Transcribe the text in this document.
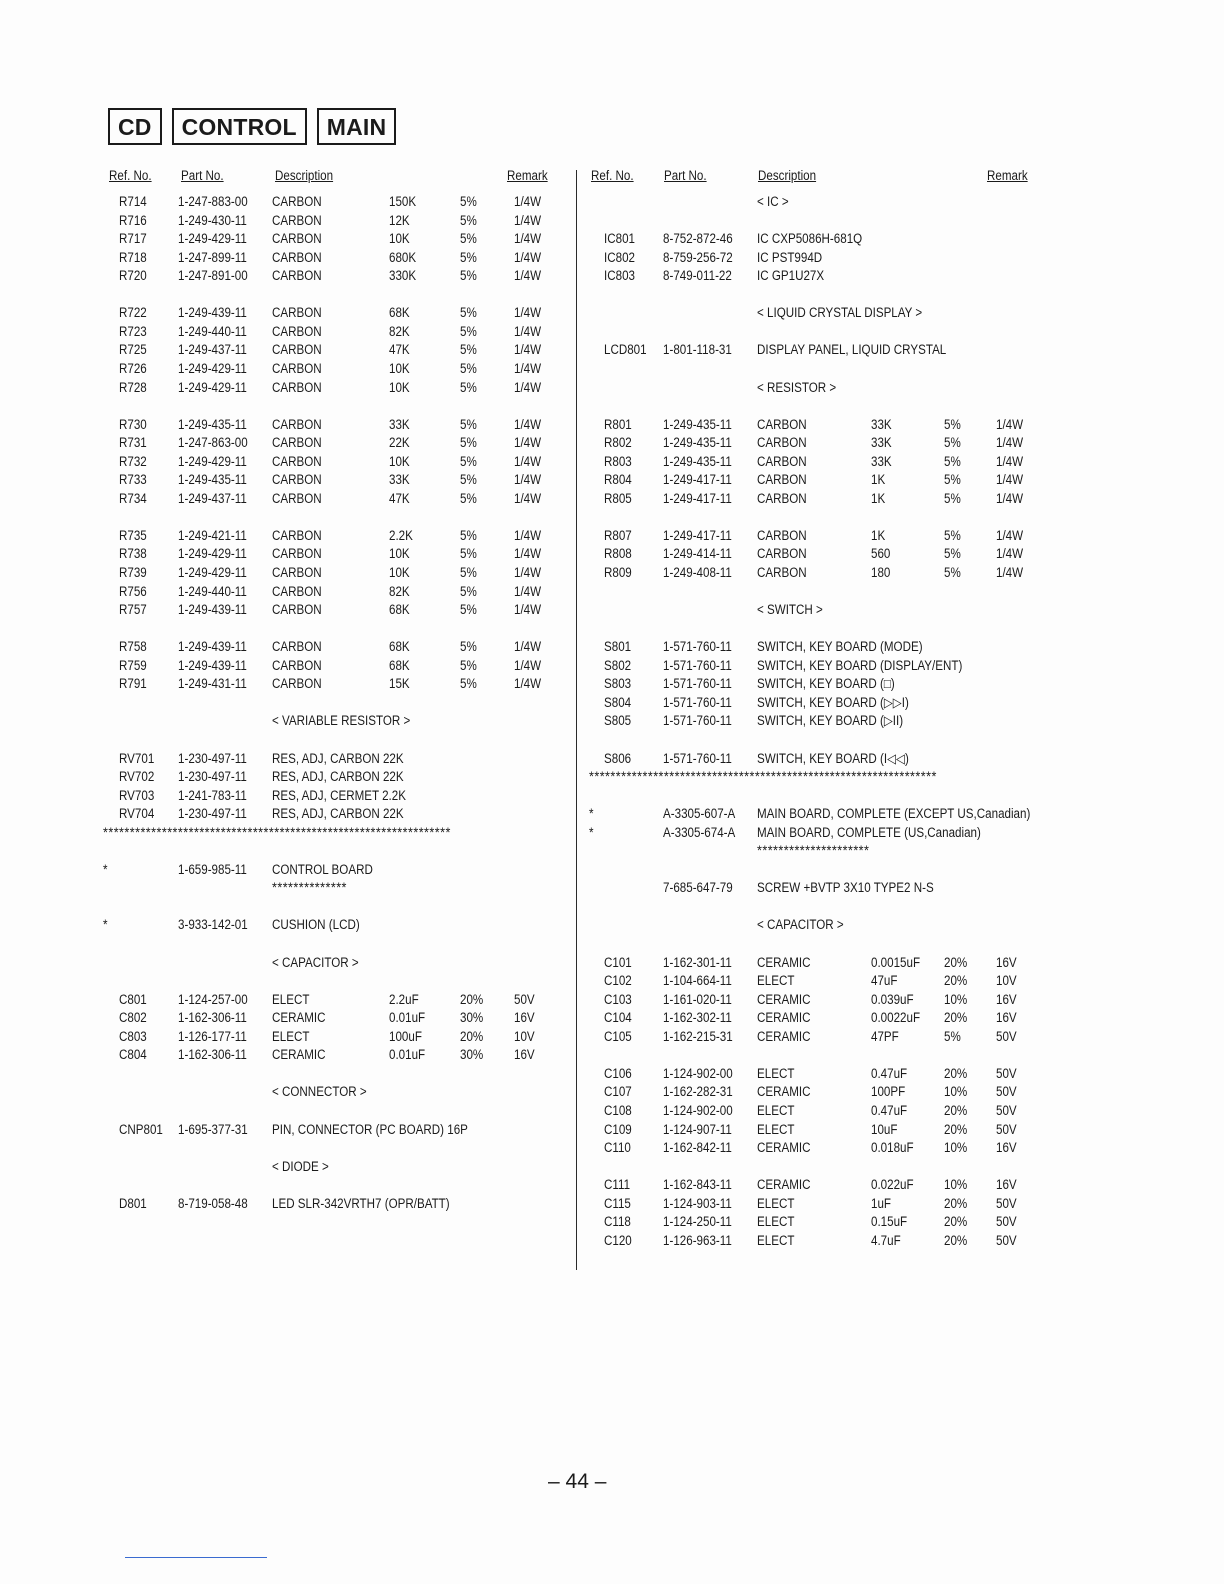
CD	CONTROL	MAIN
Ref. No. Part No.	Description	Remark
R714 1-247-883-00 CARBON	150K	5%	1/4W
R716 1-249-430-11 CARBON	12K	5%	1/4W
R717 1-249-429-11 CARBON	10K	5%	1/4W
R718 1-247-899-11 CARBON	680K	5%	1/4W
R720 1-247-891-00 CARBON	330K	5%	1/4W
R722 1-249-439-11 CARBON	68K	5%	1/4W
R723 1-249-440-11 CARBON	82K	5%	1/4W
R725 1-249-437-11 CARBON	47K	5%	1/4W
R726 1-249-429-11 CARBON	10K	5%	1/4W
R728 1-249-429-11 CARBON	10K	5%	1/4W
R730 1-249-435-11 CARBON	33K	5%	1/4W
R731 1-247-863-00 CARBON	22K	5%	1/4W
R732 1-249-429-11 CARBON	10K	5%	1/4W
R733 1-249-435-11 CARBON	33K	5%	1/4W
R734 1-249-437-11 CARBON	47K	5%	1/4W
R735 1-249-421-11 CARBON	2.2K	5%	1/4W
R738 1-249-429-11 CARBON	10K	5%	1/4W
R739 1-249-429-11 CARBON	10K	5%	1/4W
R756 1-249-440-11 CARBON	82K	5%	1/4W
R757 1-249-439-11 CARBON	68K	5%	1/4W
R758 1-249-439-11 CARBON	68K	5%	1/4W
R759 1-249-439-11 CARBON	68K	5%	1/4W
R791 1-249-431-11 CARBON	15K	5%	1/4W
< VARIABLE RESISTOR >
RV701 1-230-497-11 RES, ADJ, CARBON 22K
RV702 1-230-497-11 RES, ADJ, CARBON 22K
RV703 1-241-783-11 RES, ADJ, CERMET 2.2K
RV704 1-230-497-11 RES, ADJ, CARBON 22K
*****************************************************************
*	1-659-985-11 CONTROL BOARD
**************
*	3-933-142-01 CUSHION (LCD)
< CAPACITOR >
C801 1-124-257-00 ELECT	2.2uF	20% 50V
C802 1-162-306-11 CERAMIC	0.01uF	30% 16V
C803 1-126-177-11 ELECT	100uF	20% 10V
C804 1-162-306-11 CERAMIC	0.01uF	30% 16V
< CONNECTOR >
CNP801 1-695-377-31 PIN, CONNECTOR (PC BOARD) 16P
< DIODE >
D801 8-719-058-48 LED SLR-342VRTH7 (OPR/BATT)
Ref. No. Part No.	Description	Remark
< IC >
IC801 8-752-872-46 IC CXP5086H-681Q
IC802 8-759-256-72 IC PST994D
IC803 8-749-011-22 IC GP1U27X
< LIQUID CRYSTAL DISPLAY >
LCD801 1-801-118-31 DISPLAY PANEL, LIQUID CRYSTAL
< RESISTOR >
R801 1-249-435-11 CARBON	33K	5%	1/4W
R802 1-249-435-11 CARBON	33K	5%	1/4W
R803 1-249-435-11 CARBON	33K	5%	1/4W
R804 1-249-417-11 CARBON	1K	5%	1/4W
R805 1-249-417-11 CARBON	1K	5%	1/4W
R807 1-249-417-11 CARBON	1K	5%	1/4W
R808 1-249-414-11 CARBON	560	5%	1/4W
R809 1-249-408-11 CARBON	180	5%	1/4W
< SWITCH >
S801 1-571-760-11 SWITCH, KEY BOARD (MODE)
S802 1-571-760-11 SWITCH, KEY BOARD (DISPLAY/ENT)
S803 1-571-760-11 SWITCH, KEY BOARD (□)
S804 1-571-760-11 SWITCH, KEY BOARD (▷▷I)
S805 1-571-760-11 SWITCH, KEY BOARD (▷II)
S806 1-571-760-11 SWITCH, KEY BOARD (I◁◁)
*****************************************************************
*	A-3305-607-A MAIN BOARD, COMPLETE (EXCEPT US,Canadian)
*	A-3305-674-A MAIN BOARD, COMPLETE (US,Canadian)
*********************
7-685-647-79 SCREW +BVTP 3X10 TYPE2 N-S
< CAPACITOR >
C101 1-162-301-11 CERAMIC	0.0015uF 20% 16V
C102 1-104-664-11 ELECT	47uF	20% 10V
C103 1-161-020-11 CERAMIC	0.039uF 10% 16V
C104 1-162-302-11 CERAMIC	0.0022uF 20% 16V
C105 1-162-215-31 CERAMIC	47PF	5%	50V
C106 1-124-902-00 ELECT	0.47uF	20% 50V
C107 1-162-282-31 CERAMIC	100PF	10% 50V
C108 1-124-902-00 ELECT	0.47uF	20% 50V
C109 1-124-907-11 ELECT	10uF	20% 50V
C110 1-162-842-11 CERAMIC	0.018uF 10% 16V
C111 1-162-843-11 CERAMIC	0.022uF 10% 16V
C115 1-124-903-11 ELECT	1uF	20% 50V
C118 1-124-250-11 ELECT	0.15uF	20% 50V
C120 1-126-963-11 ELECT	4.7uF	20% 50V
– 44 –
